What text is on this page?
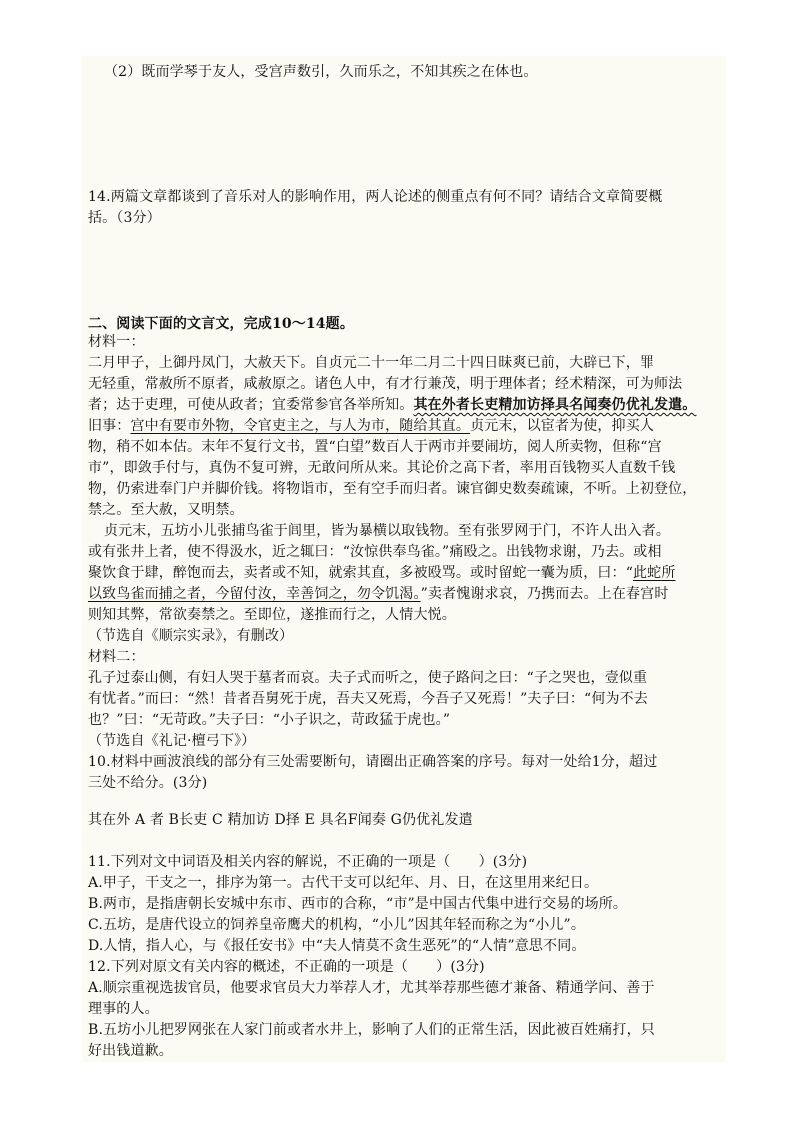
（2）既而学琴于友人，受宫声数引，久而乐之，不知其疾之在体也。
14.两篇文章都谈到了音乐对人的影响作用，两人论述的侧重点有何不同？请结合文章简要概
括。（3分）
二、阅读下面的文言文，完成10～14题。
材料一：
二月甲子，上御丹凤门，大赦天下。自贞元二十一年二月二十四日昧爽已前，大辟已下，罪
无轻重，常赦所不原者，咸赦原之。诸色人中，有才行兼茂，明于理体者；经术精深，可为师法
者；达于吏理，可使从政者；宜委常参官各举所知。其在外者长吏精加访择具名闻奏仍优礼发遣。
旧事：宫中有要市外物，令官吏主之，与人为市，随给其直。贞元末，以宦者为使，抑买人
物，稍不如本估。末年不复行文书，置“白望”数百人于两市并要闹坊，阅人所卖物，但称“宫
市”，即敛手付与，真伪不复可辨，无敢问所从来。其论价之高下者，率用百钱物买人直数千钱
物，仍索进奉门户并脚价钱。将物诣市，至有空手而归者。谏官御史数奏疏谏，不听。上初登位，
禁之。至大赦，又明禁。
贞元末，五坊小儿张捕鸟雀于闾里，皆为暴横以取钱物。至有张罗网于门，不许人出入者。
或有张井上者，使不得汲水，近之辄曰：“汝惊供奉鸟雀。”痛殴之。出钱物求谢，乃去。或相
聚饮食于肆，醉饱而去，卖者或不知，就索其直，多被殴骂。或时留蛇一囊为质，曰：“此蛇所
以致鸟雀而捕之者，今留付汝，幸善饲之，勿令饥渴。”卖者愧谢求哀，乃携而去。上在春宫时
则知其弊，常欲奏禁之。至即位，遂推而行之，人情大悦。
（节选自《顺宗实录》，有删改）
材料二：
孔子过泰山侧，有妇人哭于墓者而哀。夫子式而听之，使子路问之曰：“子之哭也，壹似重
有忧者。”而曰：“然！昔者吾舅死于虎，吾夫又死焉，今吾子又死焉！”夫子曰：“何为不去
也？”曰：“无苛政。”夫子曰：“小子识之，苛政猛于虎也。”
（节选自《礼记·檀弓下》）
10.材料中画波浪线的部分有三处需要断句，请圈出正确答案的序号。每对一处给1分，超过
三处不给分。(3分)
其在外 A 者 B长吏 C 精加访 D择 E 具名F闻奏 G仍优礼发遣
11.下列对文中词语及相关内容的解说，不正确的一项是（　　）(3分)
A.甲子，干支之一，排序为第一。古代干支可以纪年、月、日，在这里用来纪日。
B.两市，是指唐朝长安城中东市、西市的合称，“市”是中国古代集中进行交易的场所。
C.五坊，是唐代设立的饲养皇帝鹰犬的机构，“小儿”因其年轻而称之为“小儿”。
D.人情，指人心，与《报任安书》中“夫人情莫不贪生恶死”的“人情”意思不同。
12.下列对原文有关内容的概述，不正确的一项是（　　）(3分)
A.顺宗重视选拔官员，他要求官员大力举荐人才，尤其举荐那些德才兼备、精通学问、善于
理事的人。
B.五坊小儿把罗网张在人家门前或者水井上，影响了人们的正常生活，因此被百姓痛打，只
好出钱道歉。
